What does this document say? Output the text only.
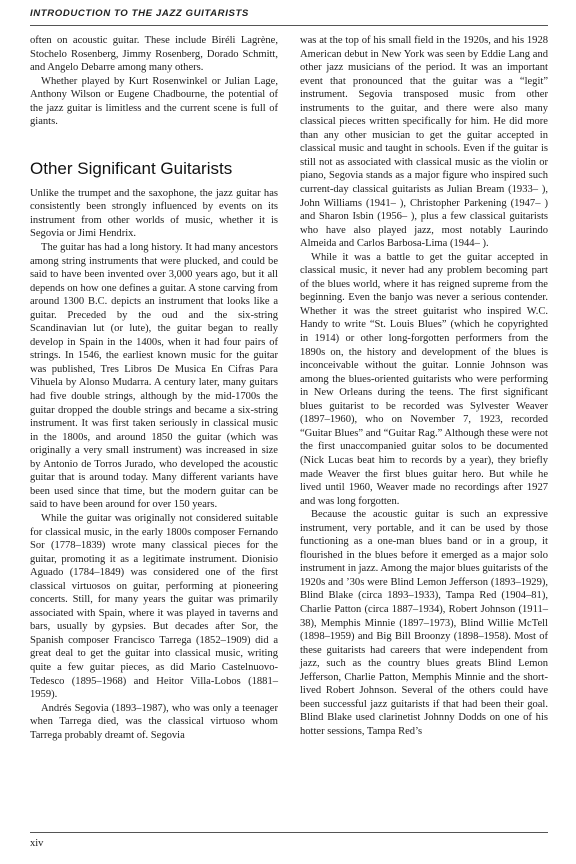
INTRODUCTION TO THE JAZZ GUITARISTS

often on acoustic guitar. These include Biréli Lagrène, Stochelo Rosenberg, Jimmy Rosenberg, Dorado Schmitt, and Angelo Debarre among many others.

Whether played by Kurt Rosenwinkel or Julian Lage, Anthony Wilson or Eugene Chadbourne, the potential of the jazz guitar is limitless and the current scene is full of giants.

Other Significant Guitarists

Unlike the trumpet and the saxophone, the jazz guitar has consistently been strongly influenced by events on its instrument from other worlds of music, whether it is Segovia or Jimi Hendrix.

The guitar has had a long history. It had many ancestors among string instruments that were plucked, and could be said to have been invented over 3,000 years ago, but it all depends on how one defines a guitar. A stone carving from around 1300 B.C. depicts an instrument that looks like a guitar. Preceded by the oud and the six-string Scandinavian lut (or lute), the guitar began to really develop in Spain in the 1400s, when it had four pairs of strings. In 1546, the earliest known music for the guitar was published, Tres Libros De Musica En Cifras Para Vihuela by Alonso Mudarra. A century later, many guitars had five double strings, although by the mid-1700s the guitar dropped the double strings and became a six-string instrument. It was first taken seriously in classical music in the 1800s, and around 1850 the guitar (which was originally a very small instrument) was increased in size by Antonio de Torros Jurado, who developed the acoustic guitar that is around today. Many different variants have been used since that time, but the modern guitar can be said to have been around for over 150 years.

While the guitar was originally not considered suitable for classical music, in the early 1800s composer Fernando Sor (1778–1839) wrote many classical pieces for the guitar, promoting it as a legitimate instrument. Dionisio Aguado (1784–1849) was considered one of the first classical virtuosos on guitar, performing at pioneering concerts. Still, for many years the guitar was primarily associated with Spain, where it was played in taverns and bars, usually by gypsies. But decades after Sor, the Spanish composer Francisco Tarrega (1852–1909) did a great deal to get the guitar into classical music, writing quite a few guitar pieces, as did Mario Castelnuovo-Tedesco (1895–1968) and Heitor Villa-Lobos (1881–1959).

Andrés Segovia (1893–1987), who was only a teenager when Tarrega died, was the classical virtuoso whom Tarrega probably dreamt of. Segovia

was at the top of his small field in the 1920s, and his 1928 American debut in New York was seen by Eddie Lang and other jazz musicians of the period. It was an important event that pronounced that the guitar was a “legit” instrument. Segovia transposed music from other instruments to the guitar, and there were also many classical pieces written specifically for him. He did more than any other musician to get the guitar accepted in classical music and taught in schools. Even if the guitar is still not as associated with classical music as the violin or piano, Segovia stands as a major figure who inspired such current-day classical guitarists as Julian Bream (1933– ), John Williams (1941– ), Christopher Parkening (1947– ) and Sharon Isbin (1956– ), plus a few classical guitarists who have also played jazz, most notably Laurindo Almeida and Carlos Barbosa-Lima (1944– ).

While it was a battle to get the guitar accepted in classical music, it never had any problem becoming part of the blues world, where it has reigned supreme from the beginning. Even the banjo was never a serious contender. Whether it was the street guitarist who inspired W.C. Handy to write “St. Louis Blues” (which he copyrighted in 1914) or other long-forgotten performers from the 1890s on, the history and development of the blues is inconceivable without the guitar. Lonnie Johnson was among the blues-oriented guitarists who were performing in New Orleans during the teens. The first significant blues guitarist to be recorded was Sylvester Weaver (1897–1960), who on November 7, 1923, recorded “Guitar Blues” and “Guitar Rag.” Although these were not the first unaccompanied guitar solos to be documented (Nick Lucas beat him to records by a year), they briefly made Weaver the first blues guitar hero. But while he lived until 1960, Weaver made no recordings after 1927 and was long forgotten.

Because the acoustic guitar is such an expressive instrument, very portable, and it can be used by those functioning as a one-man blues band or in a group, it flourished in the blues before it emerged as a major solo instrument in jazz. Among the major blues guitarists of the 1920s and ’30s were Blind Lemon Jefferson (1893–1929), Blind Blake (circa 1893–1933), Tampa Red (1904–81), Charlie Patton (circa 1887–1934), Robert Johnson (1911–38), Memphis Minnie (1897–1973), Blind Willie McTell (1898–1959) and Big Bill Broonzy (1898–1958). Most of these guitarists had careers that were independent from jazz, such as the country blues greats Blind Lemon Jefferson, Charlie Patton, Memphis Minnie and the short-lived Robert Johnson. Several of the others could have been successful jazz guitarists if that had been their goal. Blind Blake used clarinetist Johnny Dodds on one of his hotter sessions, Tampa Red’s

xiv
